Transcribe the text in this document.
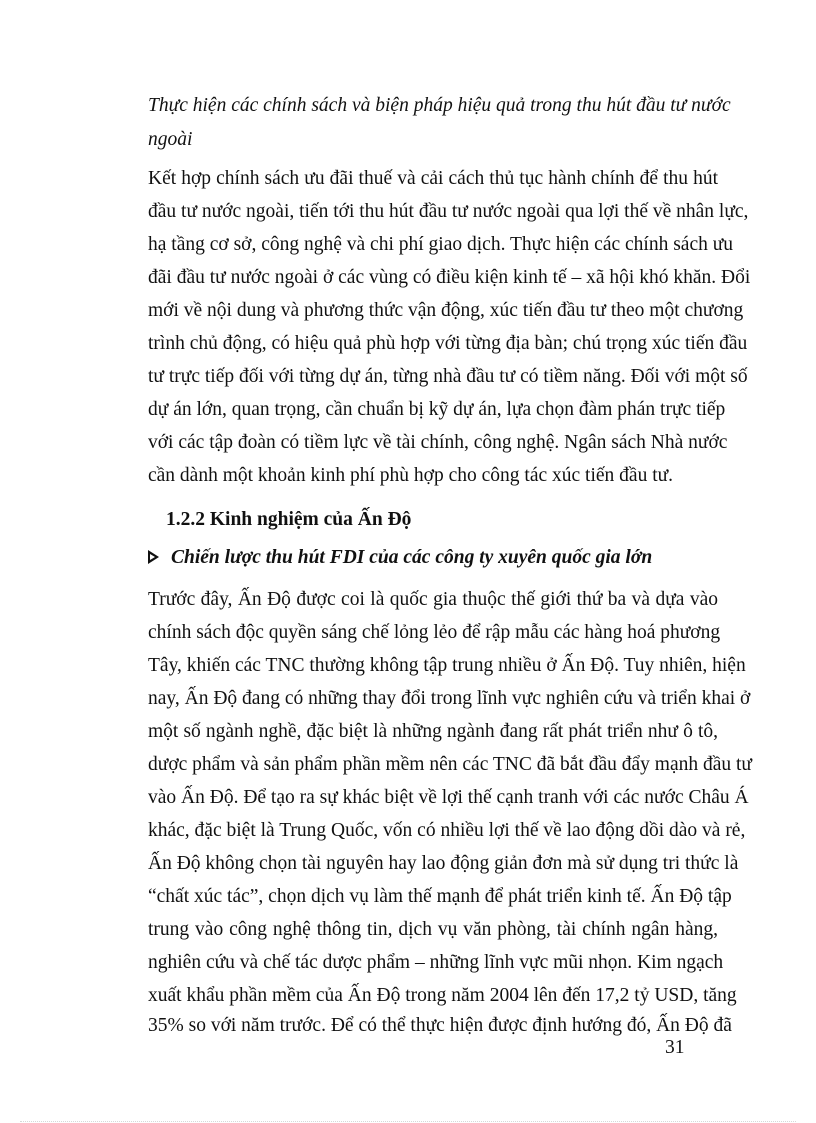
Thực hiện các chính sách và biện pháp hiệu quả trong thu hút đầu tư nước
ngoài
Kết hợp chính sách ưu đãi thuế và cải cách thủ tục hành chính để thu hút
đầu tư nước ngoài, tiến tới thu hút đầu tư nước ngoài qua lợi thế về nhân lực,
hạ tầng cơ sở, công nghệ và chi phí giao dịch. Thực hiện các chính sách ưu
đãi đầu tư nước ngoài ở các vùng có điều kiện kinh tế – xã hội khó khăn. Đổi
mới về nội dung và phương thức vận động, xúc tiến đầu tư theo một chương
trình chủ động, có hiệu quả phù hợp với từng địa bàn; chú trọng xúc tiến đầu
tư trực tiếp đối với từng dự án, từng nhà đầu tư có tiềm năng. Đối với một số
dự án lớn, quan trọng, cần chuẩn bị kỹ dự án, lựa chọn đàm phán trực tiếp
với các tập đoàn có tiềm lực về tài chính, công nghệ. Ngân sách Nhà nước
cần dành một khoản kinh phí phù hợp cho công tác xúc tiến đầu tư.
1.2.2 Kinh nghiệm của Ấn Độ
Chiến lược thu hút FDI của các công ty xuyên quốc gia lớn
Trước đây, Ấn Độ được coi là quốc gia thuộc thế giới thứ ba và dựa vào
chính sách độc quyền sáng chế lỏng lẻo để rập mẫu các hàng hoá phương
Tây, khiến các TNC thường không tập trung nhiều ở Ấn Độ. Tuy nhiên, hiện
nay, Ấn Độ đang có những thay đổi trong lĩnh vực nghiên cứu và triển khai ở
một số ngành nghề, đặc biệt là những ngành đang rất phát triển như ô tô,
dược phẩm và sản phẩm phần mềm nên các TNC đã bắt đầu đẩy mạnh đầu tư
vào Ấn Độ. Để tạo ra sự khác biệt về lợi thế cạnh tranh với các nước Châu Á
khác, đặc biệt là Trung Quốc, vốn có nhiều lợi thế về lao động dồi dào và rẻ,
Ấn Độ không chọn tài nguyên hay lao động giản đơn mà sử dụng tri thức là
“chất xúc tác”, chọn dịch vụ làm thế mạnh để phát triển kinh tế. Ấn Độ tập
trung vào công nghệ thông tin, dịch vụ văn phòng, tài chính ngân hàng,
nghiên cứu và chế tác dược phẩm – những lĩnh vực mũi nhọn. Kim ngạch
xuất khẩu phần mềm của Ấn Độ trong năm 2004 lên đến 17,2 tỷ USD, tăng
35% so với năm trước. Để có thể thực hiện được định hướng đó, Ấn Độ đã
31
